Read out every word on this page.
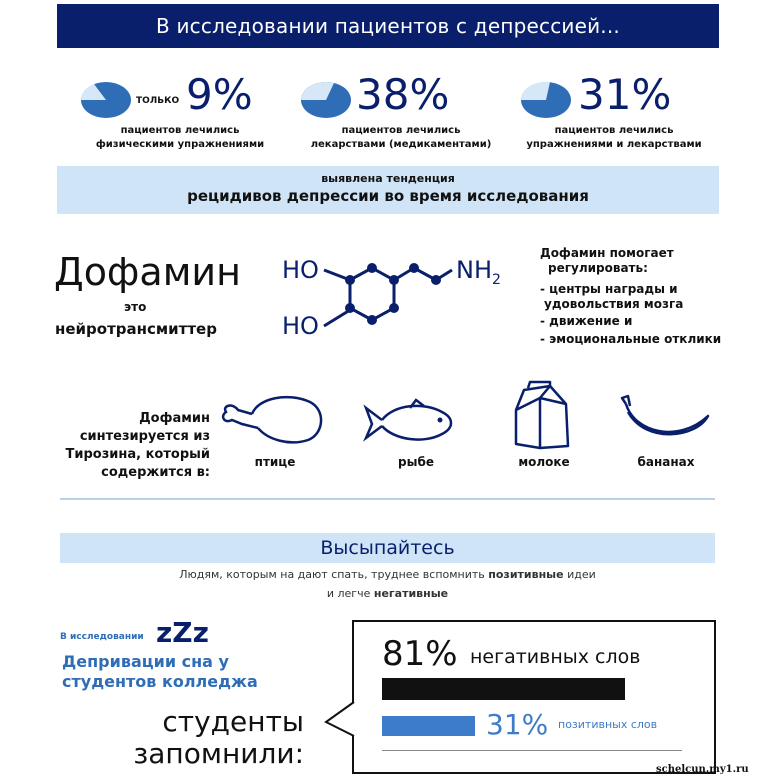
В исследовании пациентов с депрессией...
ТОЛЬКО 9%
пациентов лечились
физическими упражнениями
38%
пациентов лечились
лекарствами (медикаментами)
31%
пациентов лечились
упражнениями и лекарствами
выявлена тенденция
рецидивов депрессии во время исследования
Дофамин
это
нейротрансмиттер
HO
HO
$NH_2$
Дофамин помогает
регулировать:
- центры награды и
удовольствия мозга
- движение и
- эмоциональные отклики
Дофамин
синтезируется из
Тирозина, который
содержится в:
птице	рыбе	молоке	бананах
Высыпайтесь
Людям, которым на дают спать, труднее вспомнить позитивные идеи
и легче негативные
В исследовании zZz
Депривации сна у
студентов колледжа
студенты
запомнили:
81% негативных слов
31% позитивных слов
schelcun.my1.ru
